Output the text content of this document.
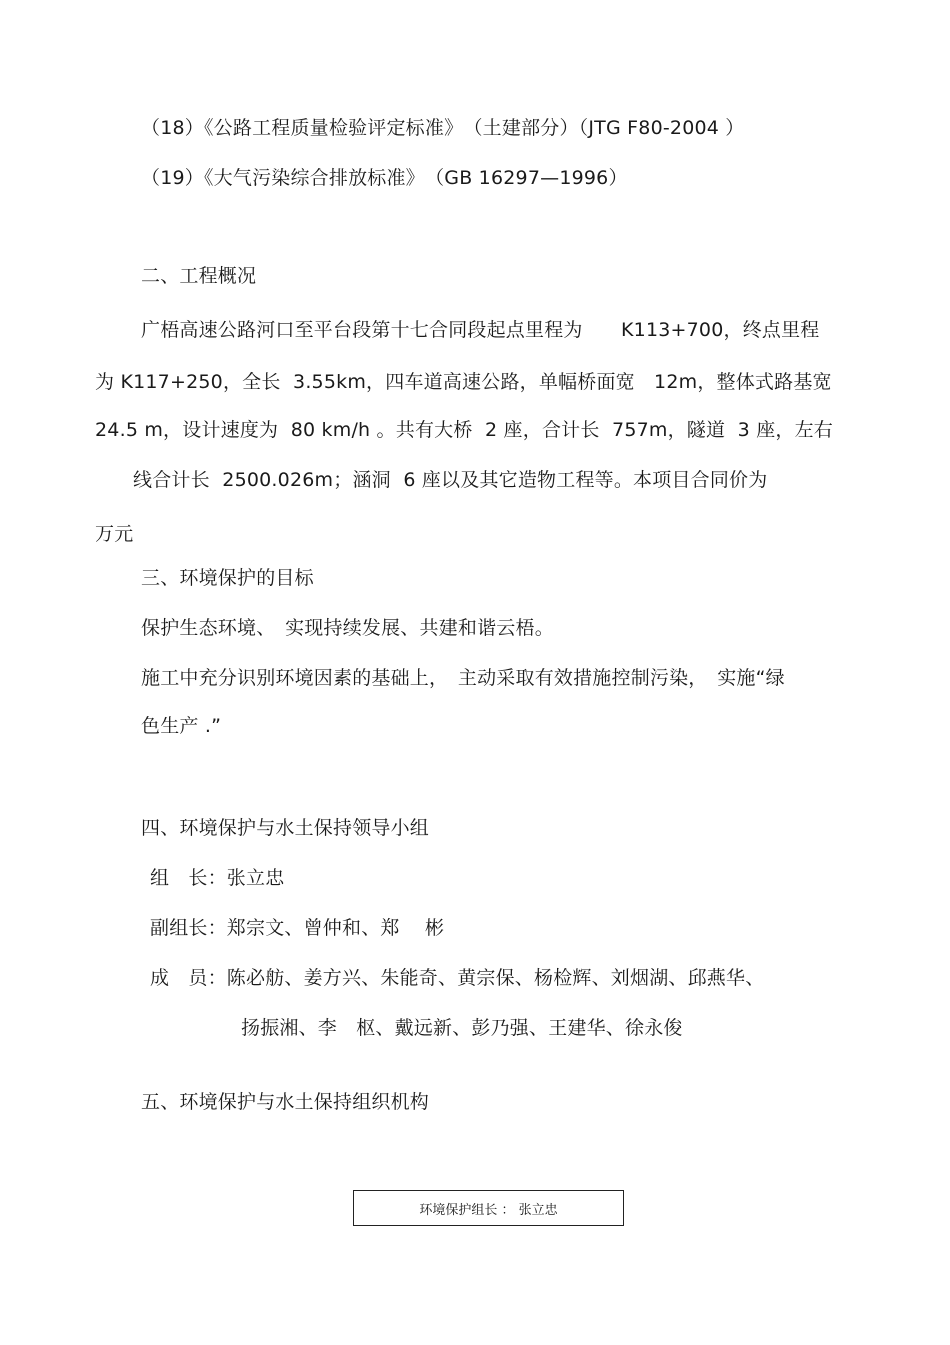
（18）《公路工程质量检验评定标准》　（土建部分）（JTG F80-2004 ）
（19）《大气污染综合排放标准》　（GB 16297—1996）
二、工程概况
广梧高速公路河口至平台段第十七合同段起点里程为　　K113+700，终点里程
为 K117+250，全长  3.55km，四车道高速公路，单幅桥面宽　12m，整体式路基宽
24.5 m，设计速度为  80 km/h 。共有大桥  2 座，合计长  757m，隧道  3 座，左右
线合计长  2500.026m；涵洞  6 座以及其它造物工程等。本项目合同价为
万元
三、环境保护的目标
保护生态环境、　实现持续发展、共建和谐云梧。
施工中充分识别环境因素的基础上，　主动采取有效措施控制污染，　实施“绿
色生产 .”
四、环境保护与水土保持领导小组
组　长：张立忠
副组长：郑宗文、曾仲和、郑　 彬
成　员：陈必舫、姜方兴、朱能奇、黄宗保、杨检辉、刘烟湖、邱燕华、
扬振湘、李　枢、戴远新、彭乃强、王建华、徐永俊
五、环境保护与水土保持组织机构
环境保护组长 ： 张立忠
